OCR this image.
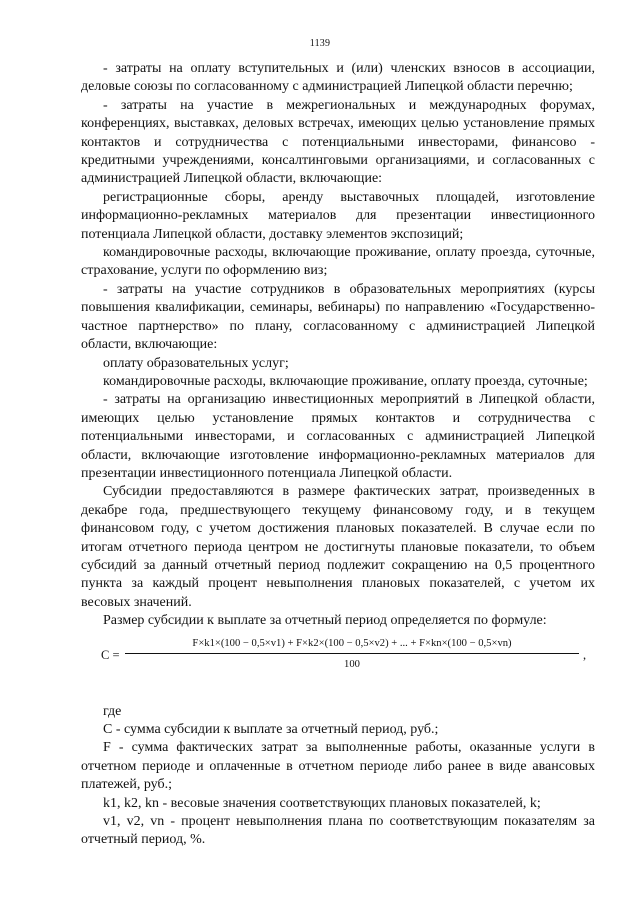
1139

- затраты на оплату вступительных и (или) членских взносов в ассоциации, деловые союзы по согласованному с администрацией Липецкой области перечню;

- затраты на участие в межрегиональных и международных форумах, конференциях, выставках, деловых встречах, имеющих целью установление прямых контактов и сотрудничества с потенциальными инвесторами, финансово - кредитными учреждениями, консалтинговыми организациями, и согласованных с администрацией Липецкой области, включающие:

регистрационные сборы, аренду выставочных площадей, изготовление информационно-рекламных материалов для презентации инвестиционного потенциала Липецкой области, доставку элементов экспозиций;

командировочные расходы, включающие проживание, оплату проезда, суточные, страхование, услуги по оформлению виз;

- затраты на участие сотрудников в образовательных мероприятиях (курсы повышения квалификации, семинары, вебинары) по направлению «Государственно-частное партнерство» по плану, согласованному с администрацией Липецкой области, включающие:

оплату образовательных услуг;

командировочные расходы, включающие проживание, оплату проезда, суточные;

- затраты на организацию инвестиционных мероприятий в Липецкой области, имеющих целью установление прямых контактов и сотрудничества с потенциальными инвесторами, и согласованных с администрацией Липецкой области, включающие изготовление информационно-рекламных материалов для презентации инвестиционного потенциала Липецкой области.

Субсидии предоставляются в размере фактических затрат, произведенных в декабре года, предшествующего текущему финансовому году, и в текущем финансовом году, с учетом достижения плановых показателей. В случае если по итогам отчетного периода центром не достигнуты плановые показатели, то объем субсидий за данный отчетный период подлежит сокращению на 0,5 процентного пункта за каждый процент невыполнения плановых показателей, с учетом их весовых значений.

Размер субсидии к выплате за отчетный период определяется по формуле:

C =
F×k1×(100 − 0,5×v1) + F×k2×(100 − 0,5×v2) + ... + F×kn×(100 − 0,5×vn)
100
,

где

C - сумма субсидии к выплате за отчетный период, руб.;

F - сумма фактических затрат за выполненные работы, оказанные услуги в отчетном периоде и оплаченные в отчетном периоде либо ранее в виде авансовых платежей, руб.;

k1, k2, kn - весовые значения соответствующих плановых показателей, k;

v1, v2, vn - процент невыполнения плана по соответствующим показателям за отчетный период, %.
